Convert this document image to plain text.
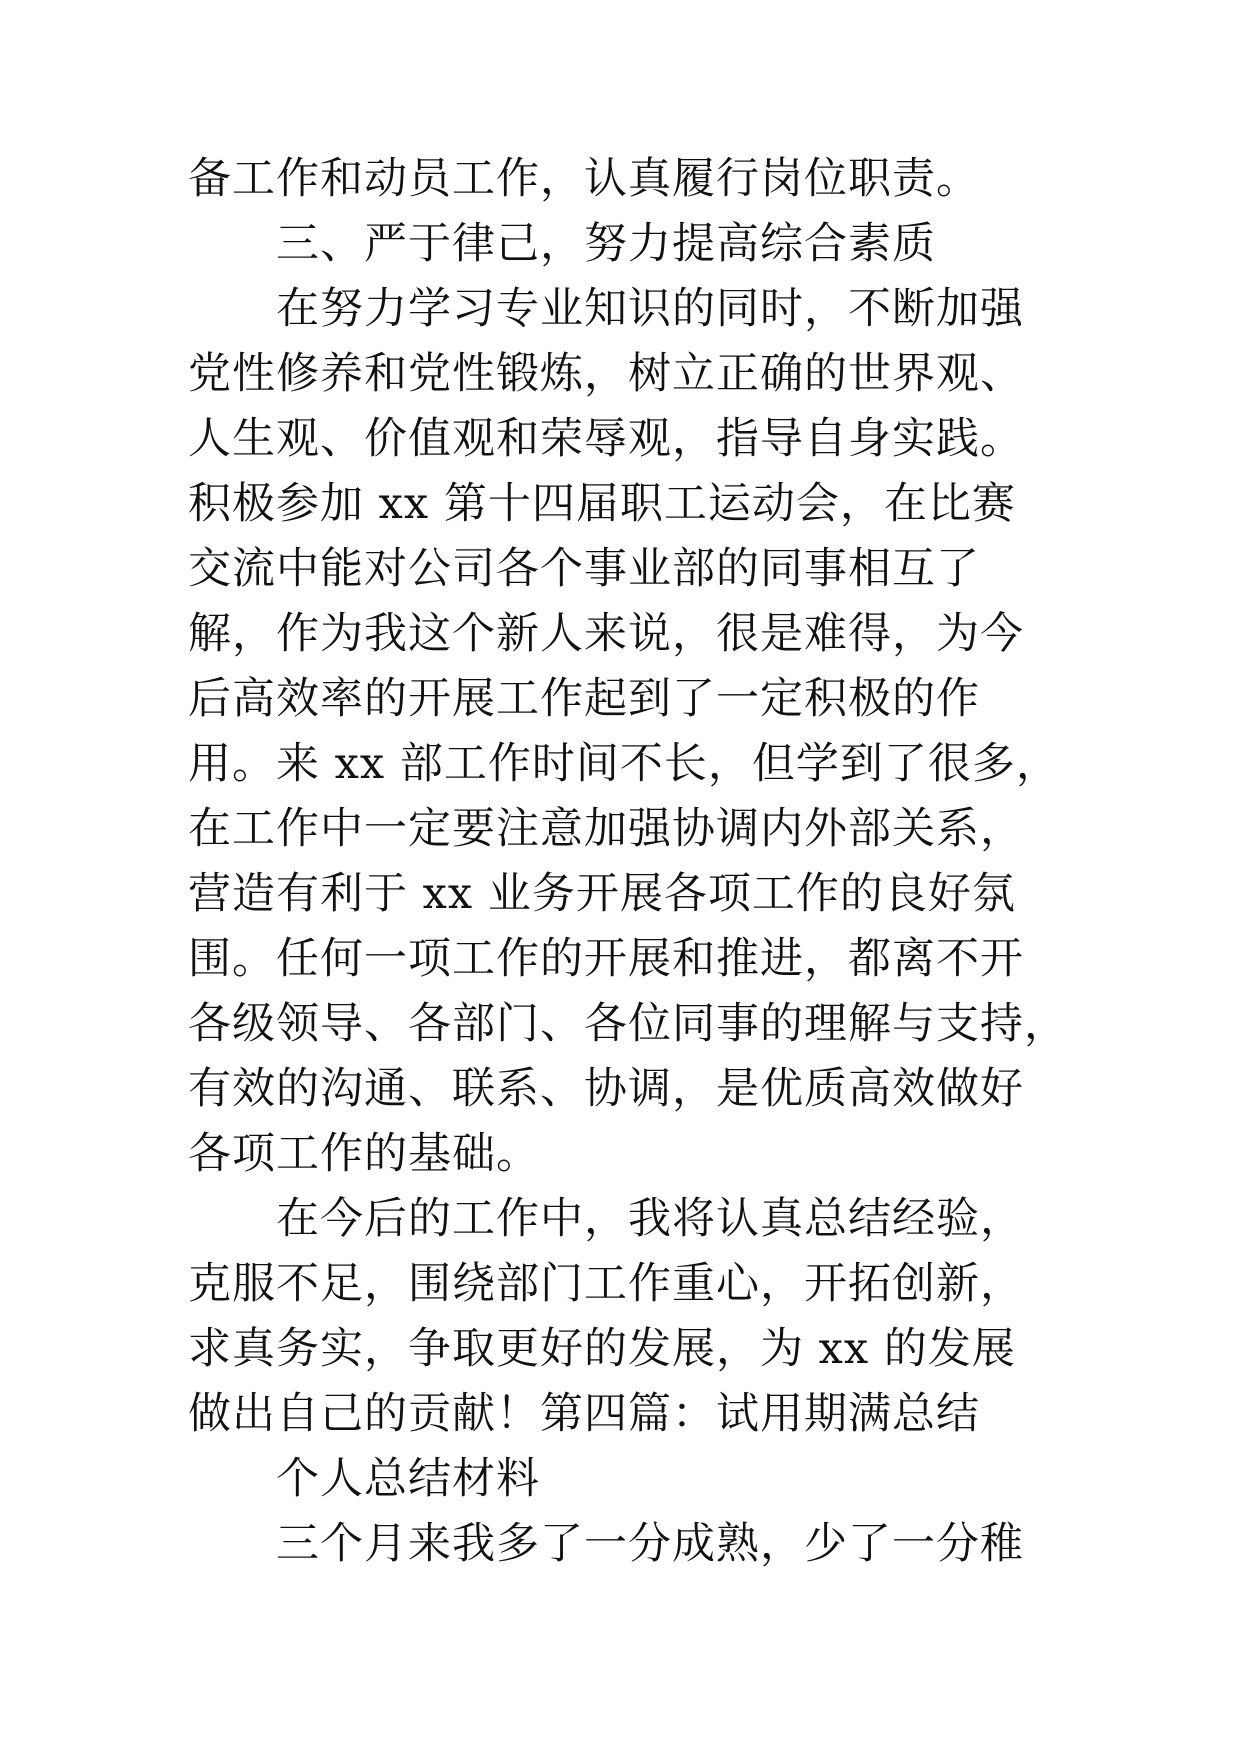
备工作和动员工作，认真履行岗位职责。
三、严于律己，努力提高综合素质
在努力学习专业知识的同时，不断加强
党性修养和党性锻炼，树立正确的世界观、
人生观、价值观和荣辱观，指导自身实践。
积极参加 xx 第十四届职工运动会，在比赛
交流中能对公司各个事业部的同事相互了
解，作为我这个新人来说，很是难得，为今
后高效率的开展工作起到了一定积极的作
用。来 xx 部工作时间不长，但学到了很多，
在工作中一定要注意加强协调内外部关系，
营造有利于 xx 业务开展各项工作的良好氛
围。任何一项工作的开展和推进，都离不开
各级领导、各部门、各位同事的理解与支持，
有效的沟通、联系、协调，是优质高效做好
各项工作的基础。
在今后的工作中，我将认真总结经验，
克服不足，围绕部门工作重心，开拓创新，
求真务实，争取更好的发展，为 xx 的发展
做出自己的贡献！第四篇：试用期满总结
个人总结材料
三个月来我多了一分成熟，少了一分稚
